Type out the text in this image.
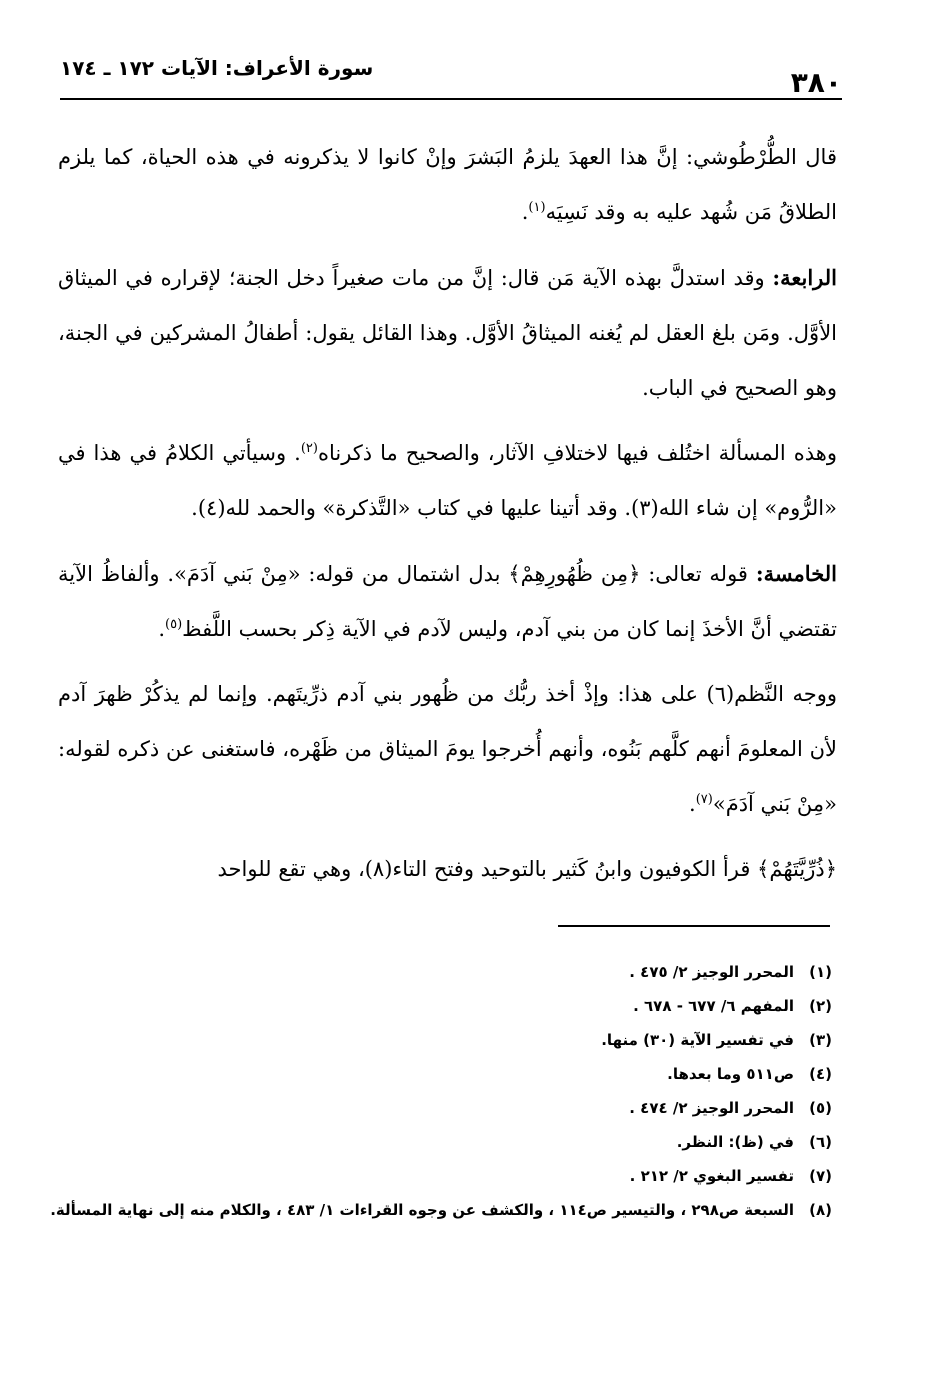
٣٨٠
سورة الأعراف: الآيات ١٧٢ ـ ١٧٤

قال الطُّرْطُوشي: إنَّ هذا العهدَ يلزمُ البَشرَ وإنْ كانوا لا يذكرونه في هذه الحياة، كما يلزم الطلاقُ مَن شُهد عليه به وقد نَسِيَه$^{(١)}$.

الرابعة: وقد استدلَّ بهذه الآية مَن قال: إنَّ من مات صغيراً دخل الجنة؛ لإقراره في الميثاق الأوَّل. ومَن بلغ العقل لم يُغنه الميثاقُ الأوَّل. وهذا القائل يقول: أطفالُ المشركين في الجنة، وهو الصحيح في الباب.

وهذه المسألة اختُلف فيها لاختلافِ الآثار، والصحيح ما ذكرناه$^{(٢)}$. وسيأتي الكلامُ في هذا في «الرُّوم» إن شاء الله(٣). وقد أتينا عليها في كتاب «التَّذكرة» والحمد لله(٤).

الخامسة: قوله تعالى: ﴿مِن ظُهُورِهِمْ﴾ بدل اشتمال من قوله: «مِنْ بَني آدَمَ». وألفاظُ الآية تقتضي أنَّ الأخذَ إنما كان من بني آدم، وليس لآدم في الآية ذِكر بحسب اللَّفظ$^{(٥)}$.

ووجه النَّظم(٦) على هذا: وإذْ أخذ ربُّك من ظُهور بني آدم ذرِّيتَهم. وإنما لم يذكُرْ ظهرَ آدم لأن المعلومَ أنهم كلَّهم بَنُوه، وأنهم أُخرجوا يومَ الميثاق من ظَهْره، فاستغنى عن ذكره لقوله: «مِنْ بَني آدَمَ»$^{(٧)}$.

﴿ذُرِّيَّتَهُمْ﴾ قرأ الكوفيون وابنُ كَثير بالتوحيد وفتح التاء(٨)، وهي تقع للواحد

(١)
المحرر الوجيز ٢/ ٤٧٥ .
(٢)
المفهم ٦/ ٦٧٧ - ٦٧٨ .
(٣)
في تفسير الآية (٣٠) منها.
(٤)
ص٥١١ وما بعدها.
(٥)
المحرر الوجيز ٢/ ٤٧٤ .
(٦)
في (ظ): النظر.
(٧)
تفسير البغوي ٢/ ٢١٢ .
(٨)
السبعة ص٢٩٨ ، والتيسير ص١١٤ ، والكشف عن وجوه القراءات ١/ ٤٨٣ ، والكلام منه إلى نهاية المسألة.
